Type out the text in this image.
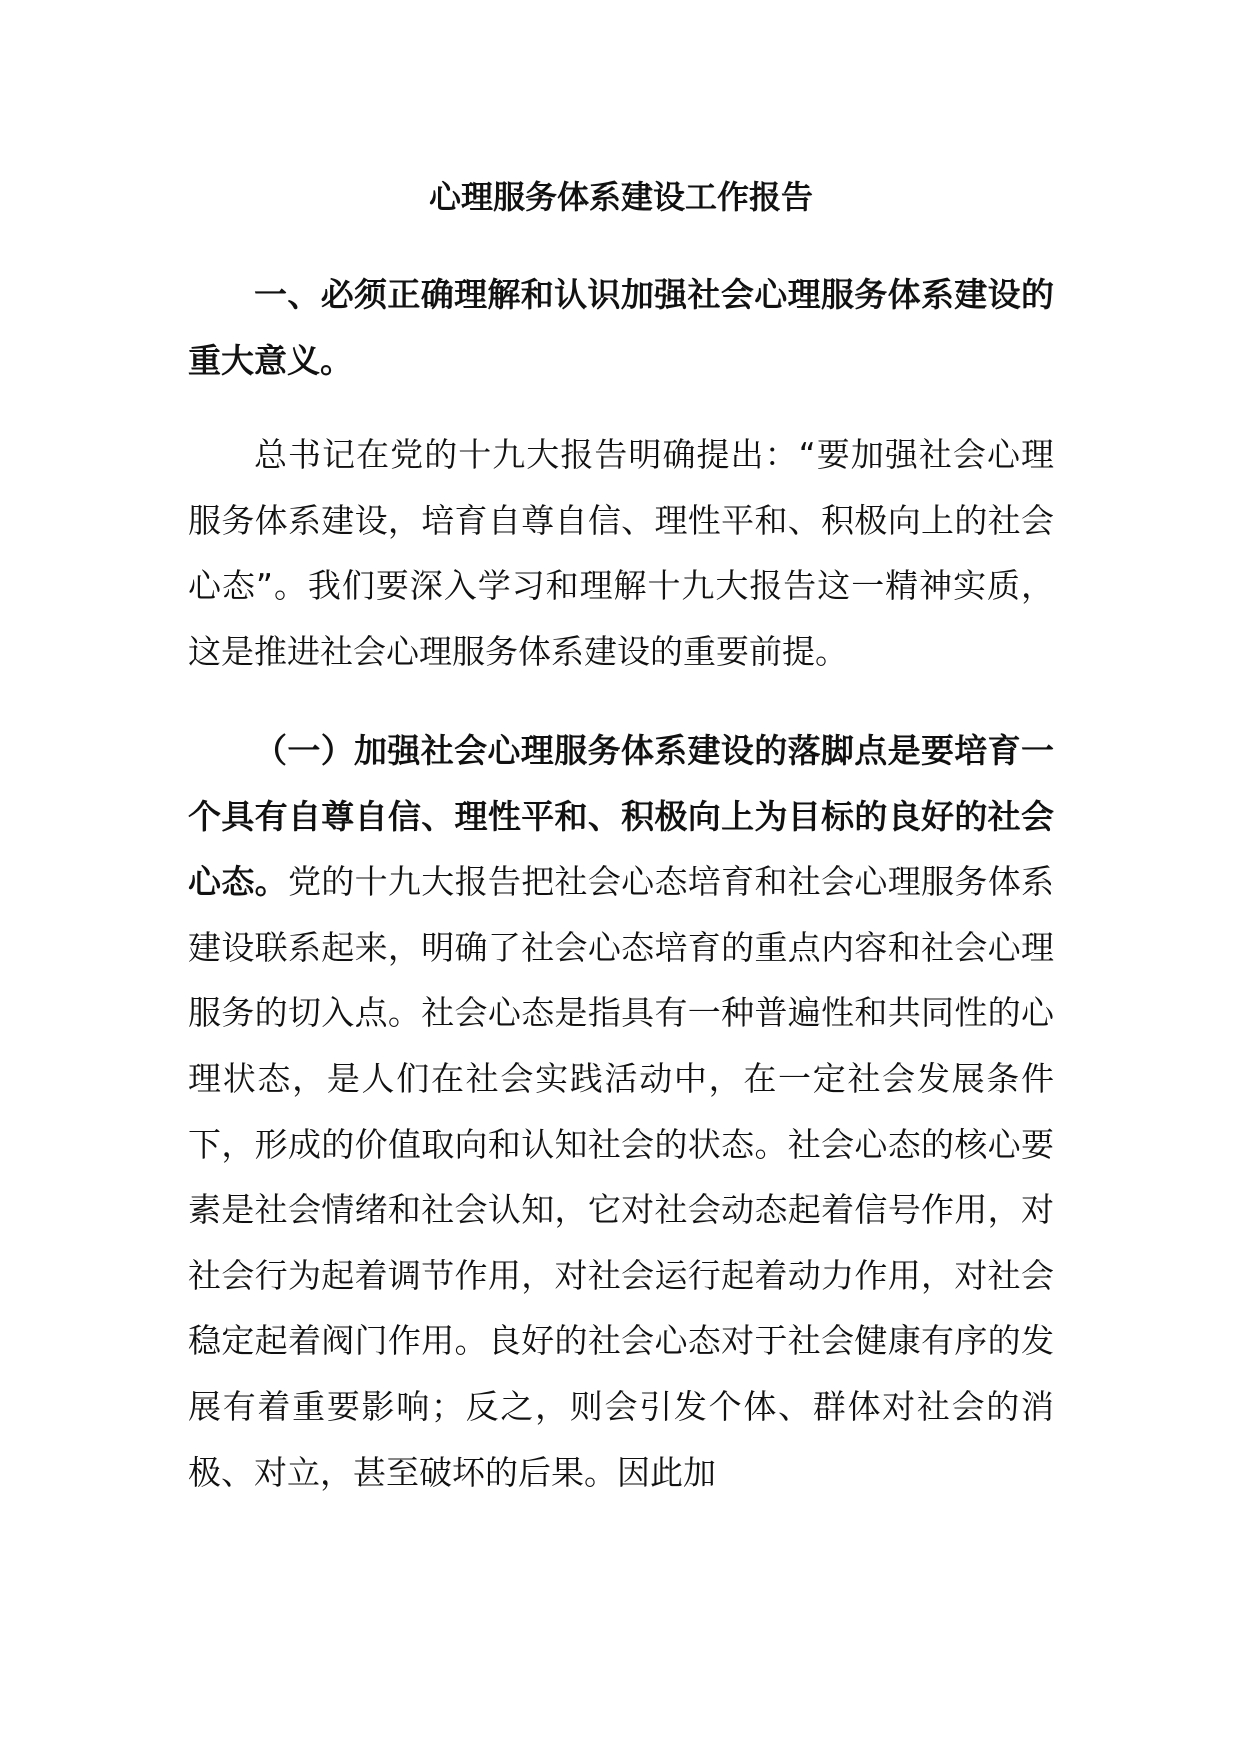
心理服务体系建设工作报告

一、必须正确理解和认识加强社会心理服务体系建设的重大意义。

总书记在党的十九大报告明确提出：“要加强社会心理服务体系建设，培育自尊自信、理性平和、积极向上的社会心态”。我们要深入学习和理解十九大报告这一精神实质，这是推进社会心理服务体系建设的重要前提。

（一）加强社会心理服务体系建设的落脚点是要培育一个具有自尊自信、理性平和、积极向上为目标的良好的社会心态。党的十九大报告把社会心态培育和社会心理服务体系建设联系起来，明确了社会心态培育的重点内容和社会心理服务的切入点。社会心态是指具有一种普遍性和共同性的心理状态，是人们在社会实践活动中，在一定社会发展条件下，形成的价值取向和认知社会的状态。社会心态的核心要素是社会情绪和社会认知，它对社会动态起着信号作用，对社会行为起着调节作用，对社会运行起着动力作用，对社会稳定起着阀门作用。良好的社会心态对于社会健康有序的发展有着重要影响；反之，则会引发个体、群体对社会的消极、对立，甚至破坏的后果。因此加
